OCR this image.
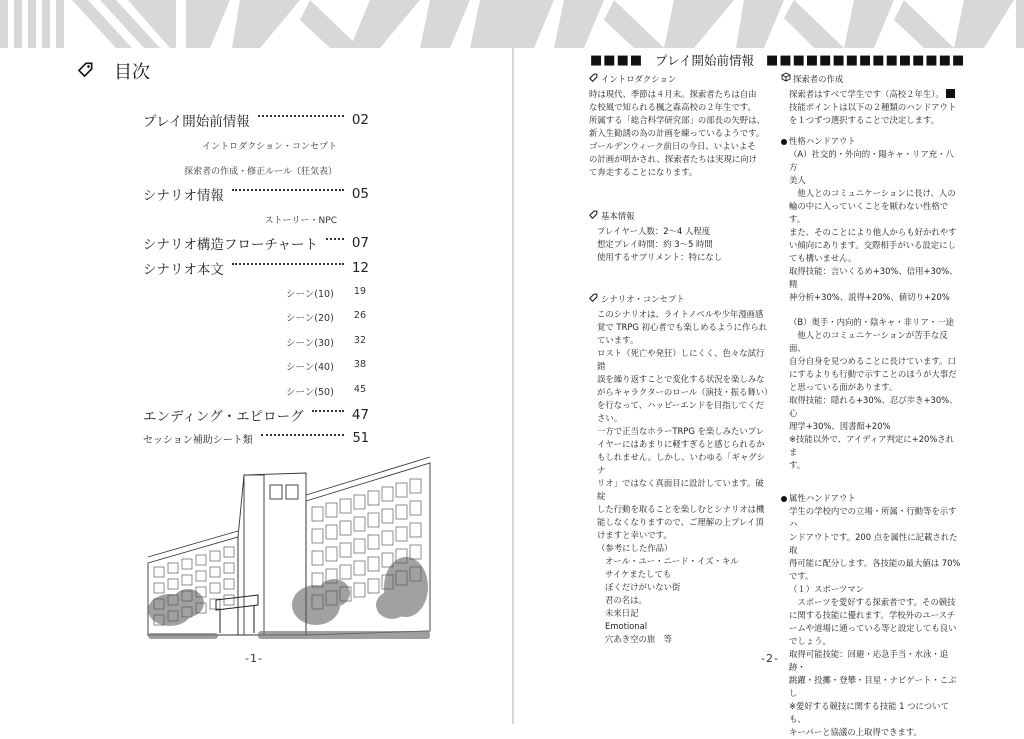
目次
プレイ開始前情報	02
イントロダクション・コンセプト
探索者の作成・修正ルール（狂気表）
シナリオ情報	05
ストーリー・NPC
シナリオ構造フローチャート	07
シナリオ本文	12
シーン(10) 19
シーン(20) 26
シーン(30) 32
シーン(40) 38
シーン(50) 45
エンディング・エピローグ	47
セッション補助シート類	51
-1-
■■■■ プレイ開始前情報 ■■■■■■■■■■■■■■■
イントロダクション

時は現代、季節は４月末。探索者たちは自由

な校風で知られる楓之森高校の２年生です。

所属する「総合科学研究部」の部長の矢野は、

新入生勧誘の為の計画を練っているようです。

ゴールデンウィーク前日の今日、いよいよそ

の計画が明かされ、探索者たちは実現に向け

て奔走することになります。

基本情報

プレイヤー人数：2〜4 人程度

想定プレイ時間：約 3〜5 時間

使用するサプリメント：特になし

シナリオ・コンセプト

このシナリオは、ライトノベルや少年漫画感

覚で TRPG 初心者でも楽しめるように作られ

ています。

ロスト（死亡や発狂）しにくく、色々な試行錯

誤を繰り返すことで変化する状況を楽しみな

がらキャラクターのロール（演技・振る舞い）

を行なって、ハッピーエンドを目指してくだ

さい。

一方で正当なホラーTRPG を楽しみたいプレ

イヤーにはあまりに軽すぎると感じられるか

もしれません。しかし、いわゆる「ギャグシナ

リオ」ではなく真面目に設計しています。破綻

した行動を取ることを楽しむとシナリオは機

能しなくなりますので、ご理解の上プレイ頂

けますと幸いです。

（参考にした作品）

オール・ユー・ニード・イズ・キル

サイケまたしても

ぼくだけがいない街

君の名は。

未来日記

Emotional

穴あき空の旅　等

探索者の作成

探索者はすべて学生です（高校２年生）。

技能ポイントは以下の２種類のハンドアウト

を１つずつ選択することで決定します。

性格ハンドアウト

（A）社交的・外向的・陽キャ・リア充・八方

美人

　他人とのコミュニケーションに長け、人の

輪の中に入っていくことを厭わない性格です。

また、そのことにより他人からも好かれやす

い傾向にあります。交際相手がいる設定にし

ても構いません。

取得技能：言いくるめ+30%、信用+30%、精

神分析+30%、説得+20%、値切り+20%

（B）奥手・内向的・陰キャ・非リア・一途

　他人とのコミュニケーションが苦手な反面、

自分自身を見つめることに長けています。口

にするよりも行動で示すことのほうが大事だ

と思っている面があります。

取得技能：隠れる+30%、忍び歩き+30%、心

理学+30%、図書館+20%

※技能以外で、アイディア判定に+20%されま

す。

属性ハンドアウト

学生の学校内での立場・所属・行動等を示すハ

ンドアウトです。200 点を属性に記載された取

得可能に配分します。各技能の最大値は 70%

です。

（１）スポーツマン

　スポーツを愛好する探索者です。その競技

に関する技能に優れます。学校外のユースチ

ームや道場に通っている等と設定しても良い

でしょう。

取得可能技能：回避・応急手当・水泳・追跡・

跳躍・投擲・登攀・目星・ナビゲート・こぶし

※愛好する競技に関する技能 1 つについても、

キーパーと協議の上取得できます。

-2-
